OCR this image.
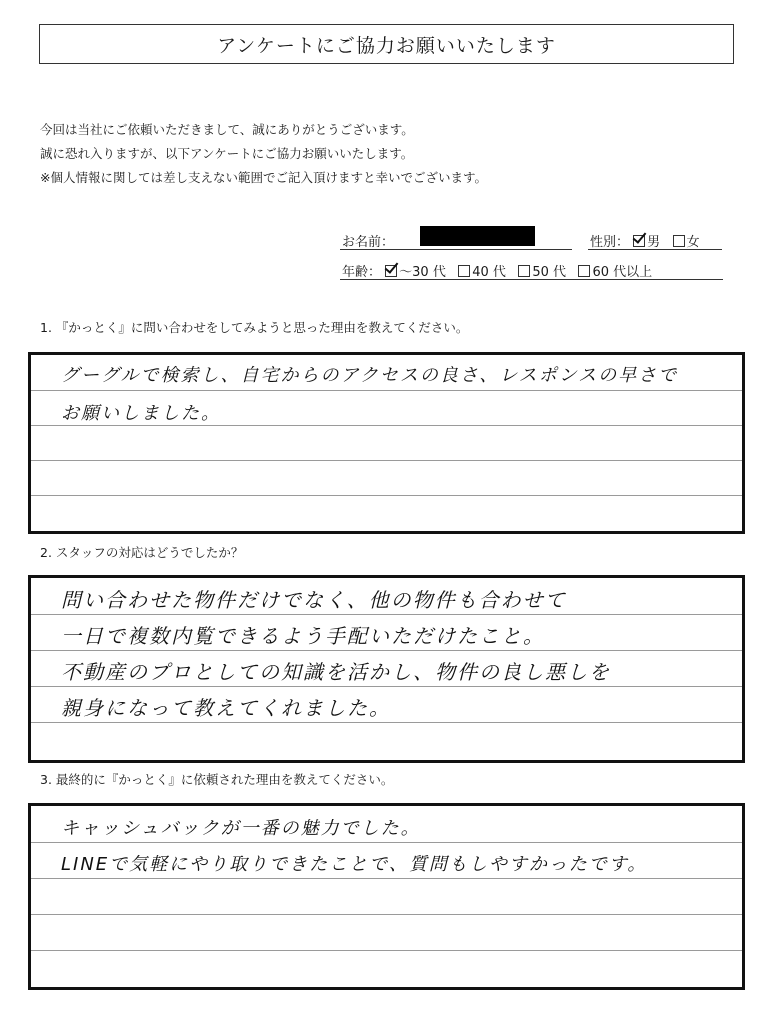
アンケートにご協力お願いいたします
今回は当社にご依頼いただきまして、誠にありがとうございます。
誠に恐れ入りますが、以下アンケートにご協力お願いいたします。
※個人情報に関しては差し支えない範囲でご記入頂けますと幸いでございます。
お名前：	性別： 男 女
年齢： ～30 代 40 代 50 代 60 代以上
1. 『かっとく』に問い合わせをしてみようと思った理由を教えてください。
グーグルで検索し、自宅からのアクセスの良さ、レスポンスの早さで
お願いしました。
2. スタッフの対応はどうでしたか？
問い合わせた物件だけでなく、他の物件も合わせて
一日で複数内覧できるよう手配いただけたこと。
不動産のプロとしての知識を活かし、物件の良し悪しを
親身になって教えてくれました。
3. 最終的に『かっとく』に依頼された理由を教えてください。
キャッシュバックが一番の魅力でした。
LINEで気軽にやり取りできたことで、質問もしやすかったです。
